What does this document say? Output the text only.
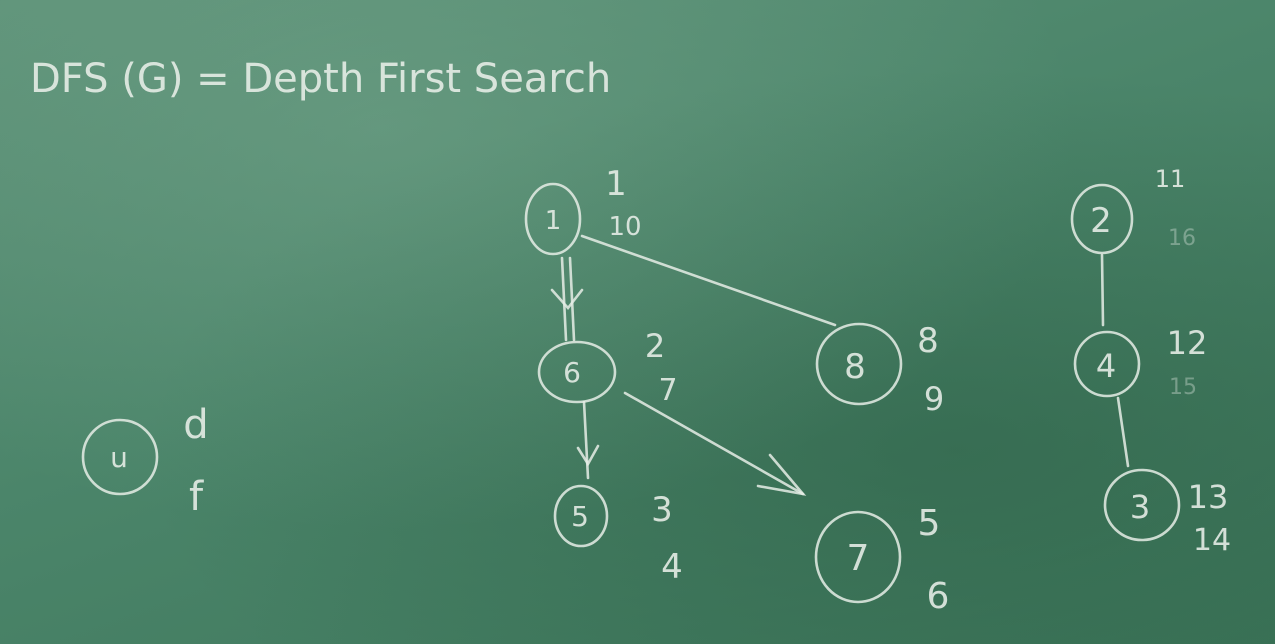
DFS (G) = Depth First Search
1
1
10
6
2
7
5 3
4	7
5
6
8
8
9
2
11
16
4
12
15
3 13
14
u
d
f
